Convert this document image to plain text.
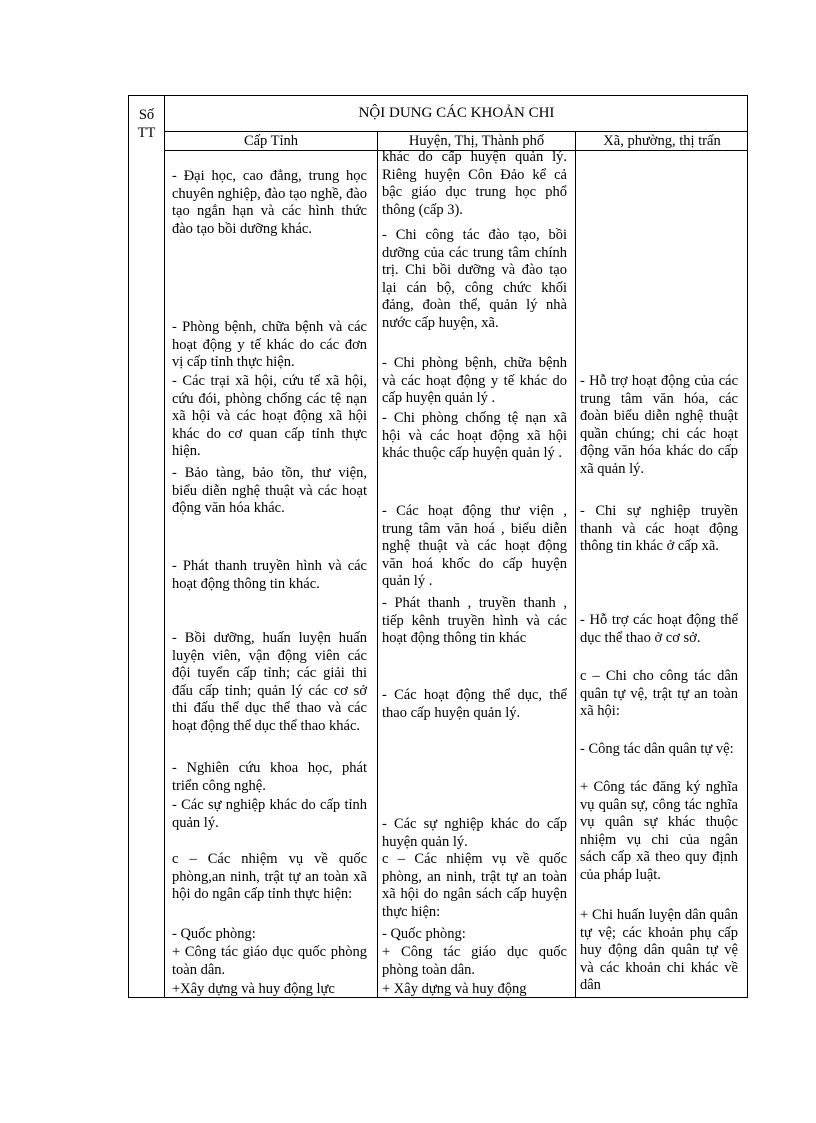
Số TT
NỘI DUNG CÁC KHOẢN CHI
Cấp Tỉnh	Huyện, Thị, Thành phố	Xã, phường, thị trấn
- Đại học, cao đẳng, trung học chuyên nghiệp, đào tạo nghề, đào tạo ngắn hạn và các hình thức đào tạo bồi dưỡng khác.
- Phòng bệnh, chữa bệnh và các hoạt động y tế khác do các đơn vị cấp tỉnh thực hiện.
- Các trại xã hội, cứu tế xã hội, cứu đói, phòng chống các tệ nạn xã hội và các hoạt động xã hội khác do cơ quan cấp tỉnh thực hiện.
- Bảo tàng, bảo tồn, thư viện, biểu diễn nghệ thuật và các hoạt động văn hóa khác.
- Phát thanh truyền hình và các hoạt động thông tin khác.
- Bồi dưỡng, huấn luyện huấn luyện viên, vận động viên các đội tuyển cấp tỉnh; các giải thi đấu cấp tỉnh; quản lý các cơ sở thi đấu thể dục thể thao và các hoạt động thể dục thể thao khác.
- Nghiên cứu khoa học, phát triển công nghệ.
- Các sự nghiệp khác do cấp tỉnh quản lý.
c – Các nhiệm vụ về quốc phòng,an ninh, trật tự an toàn xã hội do ngân cấp tỉnh thực hiện:
- Quốc phòng:
+ Công tác giáo dục quốc phòng toàn dân.
+Xây dựng và huy động lực
khác do cấp huyện quản lý. Riêng huyện Côn Đảo kể cả bậc giáo dục trung học phổ thông (cấp 3).
- Chi công tác đào tạo, bồi dưỡng của các trung tâm chính trị. Chi bồi dưỡng và đào tạo lại cán bộ, công chức khối đảng, đoàn thể, quản lý nhà nước cấp huyện, xã.
- Chi phòng bệnh, chữa bệnh và các hoạt động y tế khác do cấp huyện quản lý .
- Chi phòng chống tệ nạn xã hội và các hoạt động xã hội khác thuộc cấp huyện quản lý .
- Các hoạt động thư viện , trung tâm văn hoá , biểu diễn nghệ thuật và các hoạt động văn hoá khốc do cấp huyện quản lý .
- Phát thanh , truyền thanh , tiếp kênh truyền hình và các hoạt động thông tin khác
- Các hoạt động thể dục, thể thao cấp huyện quản lý.
- Các sự nghiệp khác do cấp huyện quản lý.
c – Các nhiệm vụ về quốc phòng, an ninh, trật tự an toàn xã hội do ngân sách cấp huyện thực hiện:
- Quốc phòng:
+ Công tác giáo dục quốc phòng toàn dân.
+ Xây dựng và huy động
- Hỗ trợ hoạt động của các trung tâm văn hóa, các đoàn biểu diễn nghệ thuật quần chúng; chi các hoạt động văn hóa khác do cấp xã quản lý.
- Chi sự nghiệp truyền thanh và các hoạt động thông tin khác ở cấp xã.
- Hỗ trợ các hoạt động thể dục thể thao ở cơ sở.
c – Chi cho công tác dân quân tự vệ, trật tự an toàn xã hội:
- Công tác dân quân tự vệ:
+ Công tác đăng ký nghĩa vụ quân sự, công tác nghĩa vụ quân sự khác thuộc nhiệm vụ chi của ngân sách cấp xã theo quy định của pháp luật.
+ Chi huấn luyện dân quân tự vệ; các khoản phụ cấp huy động dân quân tự vệ và các khoản chi khác về dân
